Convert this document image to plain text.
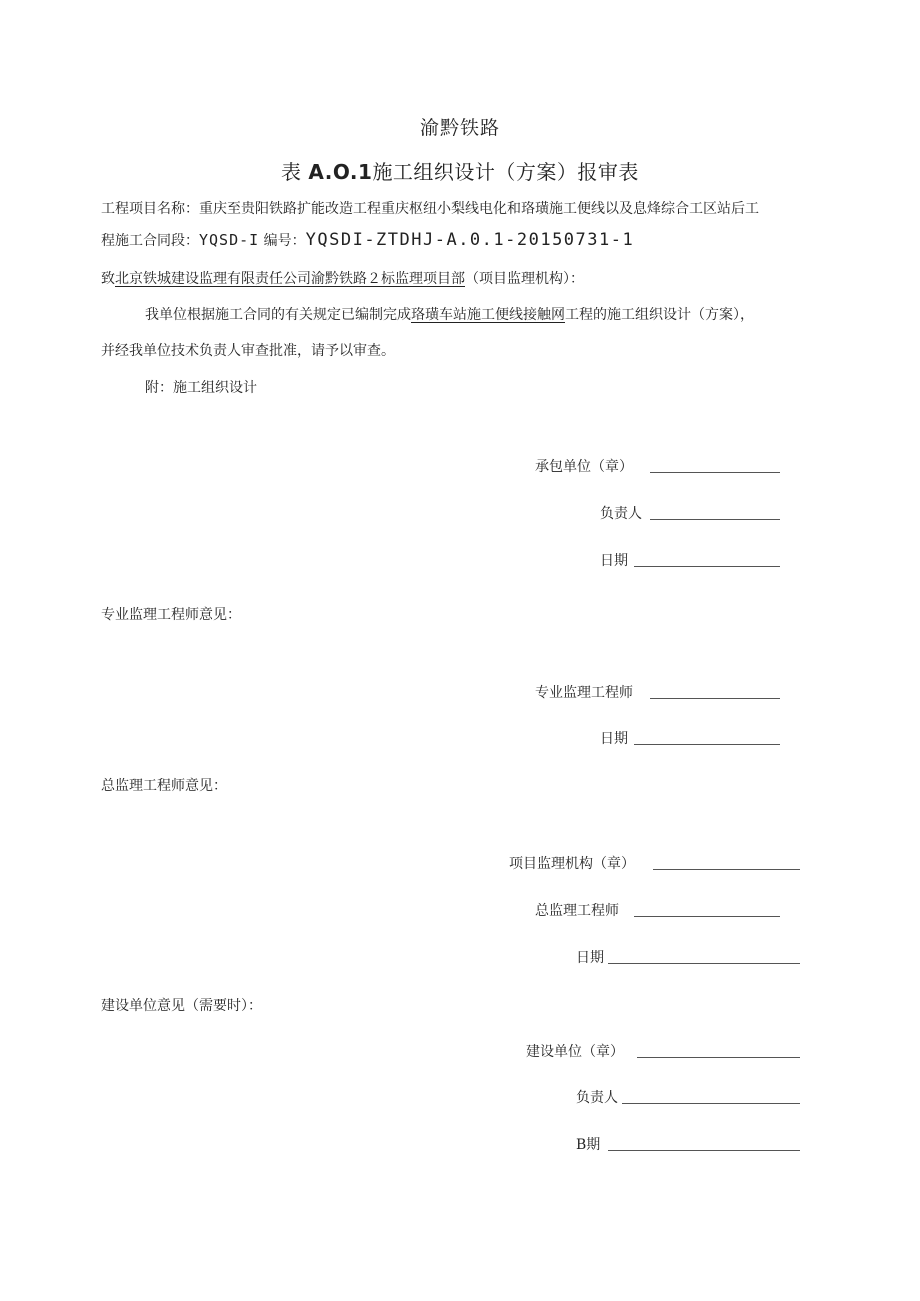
渝黔铁路
表 A.O.1施工组织设计（方案）报审表
工程项目名称：重庆至贵阳铁路扩能改造工程重庆枢纽小梨线电化和珞璜施工便线以及息烽综合工区站后工
程施工合同段：YQSD-I 编号：YQSDI-ZTDHJ-A.0.1-20150731-1
致北京铁城建设监理有限责任公司渝黔铁路２标监理项目部（项目监理机构）：
我单位根据施工合同的有关规定已编制完成珞璜车站施工便线接触网工程的施工组织设计（方案），
并经我单位技术负责人审查批准，请予以审查。
附：施工组织设计
承包单位（章）
负责人
日期
专业监理工程师意见：
专业监理工程师
日期
总监理工程师意见：
项目监理机构（章）
总监理工程师
日期
建设单位意见（需要时）：
建设单位（章）
负责人
B期
